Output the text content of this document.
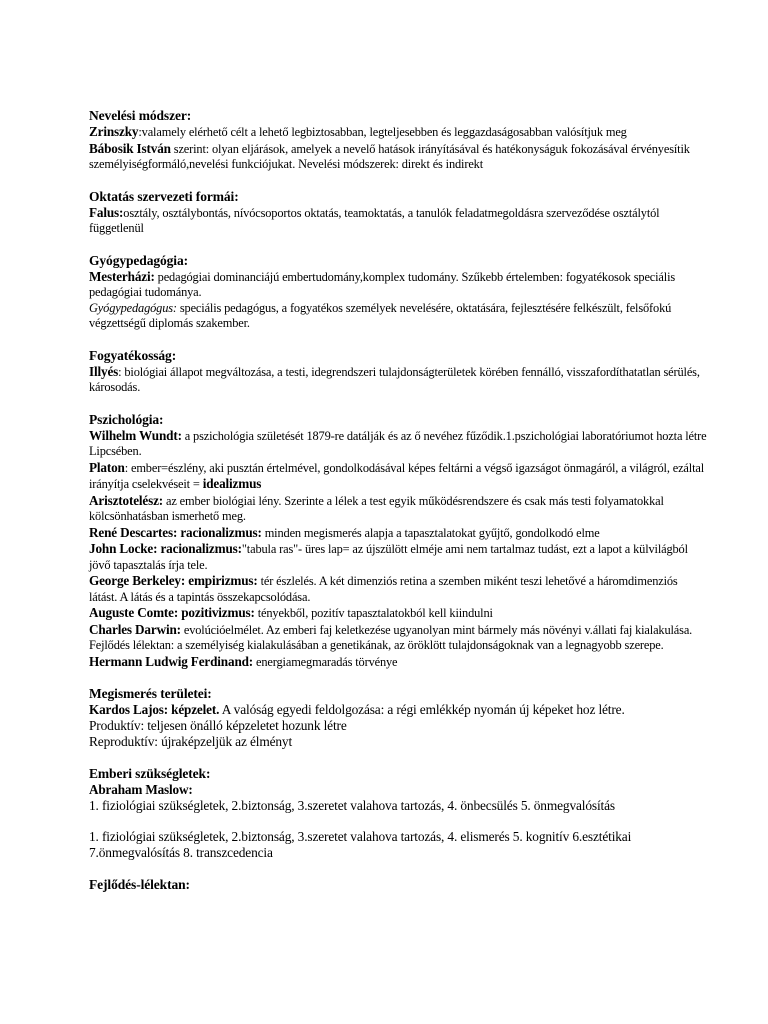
Nevelési módszer:

Zrinszky:valamely elérhető célt a lehető legbiztosabban, legteljesebben és leggazdaságosabban valósítjuk meg

Bábosik István szerint: olyan eljárások, amelyek a nevelő hatások irányításával és hatékonyságuk fokozásával érvényesítik személyiségformáló,nevelési funkciójukat. Nevelési módszerek: direkt és indirekt

Oktatás szervezeti formái:

Falus:osztály, osztálybontás, nívócsoportos oktatás, teamoktatás, a tanulók feladatmegoldásra szerveződése osztálytól függetlenül

Gyógypedagógia:

Mesterházi: pedagógiai dominanciájú embertudomány,komplex tudomány. Szűkebb értelemben: fogyatékosok speciális pedagógiai tudománya.

Gyógypedagógus: speciális pedagógus, a fogyatékos személyek nevelésére, oktatására, fejlesztésére felkészült, felsőfokú végzettségű diplomás szakember.

Fogyatékosság:

Illyés: biológiai állapot megváltozása, a testi, idegrendszeri tulajdonságterületek körében fennálló, visszafordíthatatlan sérülés, károsodás.

Pszichológia:

Wilhelm Wundt: a pszichológia születését 1879-re datálják és az ő nevéhez fűződik.1.pszichológiai laboratóriumot hozta létre Lipcsében.

Platon: ember=észlény, aki pusztán értelmével, gondolkodásával képes feltárni a végső igazságot önmagáról, a világról, ezáltal irányítja cselekvéseit = idealizmus

Arisztotelész: az ember biológiai lény. Szerinte a lélek a test egyik működésrendszere és csak más testi folyamatokkal kölcsönhatásban ismerhető meg.

René Descartes: racionalizmus: minden megismerés alapja a tapasztalatokat gyűjtő, gondolkodó elme

John Locke: racionalizmus:"tabula ras"- üres lap= az újszülött elméje ami nem tartalmaz tudást, ezt a lapot a külvilágból jövő tapasztalás írja tele.

George Berkeley: empirizmus: tér észlelés. A két dimenziós retina a szemben miként teszi lehetővé a háromdimenziós látást. A látás és a tapintás összekapcsolódása.

Auguste Comte: pozitivizmus: tényekből, pozitív tapasztalatokból kell kiindulni

Charles Darwin: evolúcióelmélet. Az emberi faj keletkezése ugyanolyan mint bármely más növényi v.állati faj kialakulása.

Fejlődés lélektan: a személyiség kialakulásában a genetikának, az öröklött tulajdonságoknak van a legnagyobb szerepe.

Hermann Ludwig Ferdinand: energiamegmaradás törvénye

Megismerés területei:

Kardos Lajos: képzelet. A valóság egyedi feldolgozása: a régi emlékkép nyomán új képeket hoz létre.

Produktív: teljesen önálló képzeletet hozunk létre

Reproduktív: újraképzeljük az élményt

Emberi szükségletek:

Abraham Maslow:

1. fiziológiai szükségletek, 2.biztonság, 3.szeretet valahova tartozás, 4. önbecsülés 5. önmegvalósítás

1. fiziológiai szükségletek, 2.biztonság, 3.szeretet valahova tartozás, 4. elismerés 5. kognitív 6.esztétikai 7.önmegvalósítás 8. transzcedencia

Fejlődés-lélektan:
